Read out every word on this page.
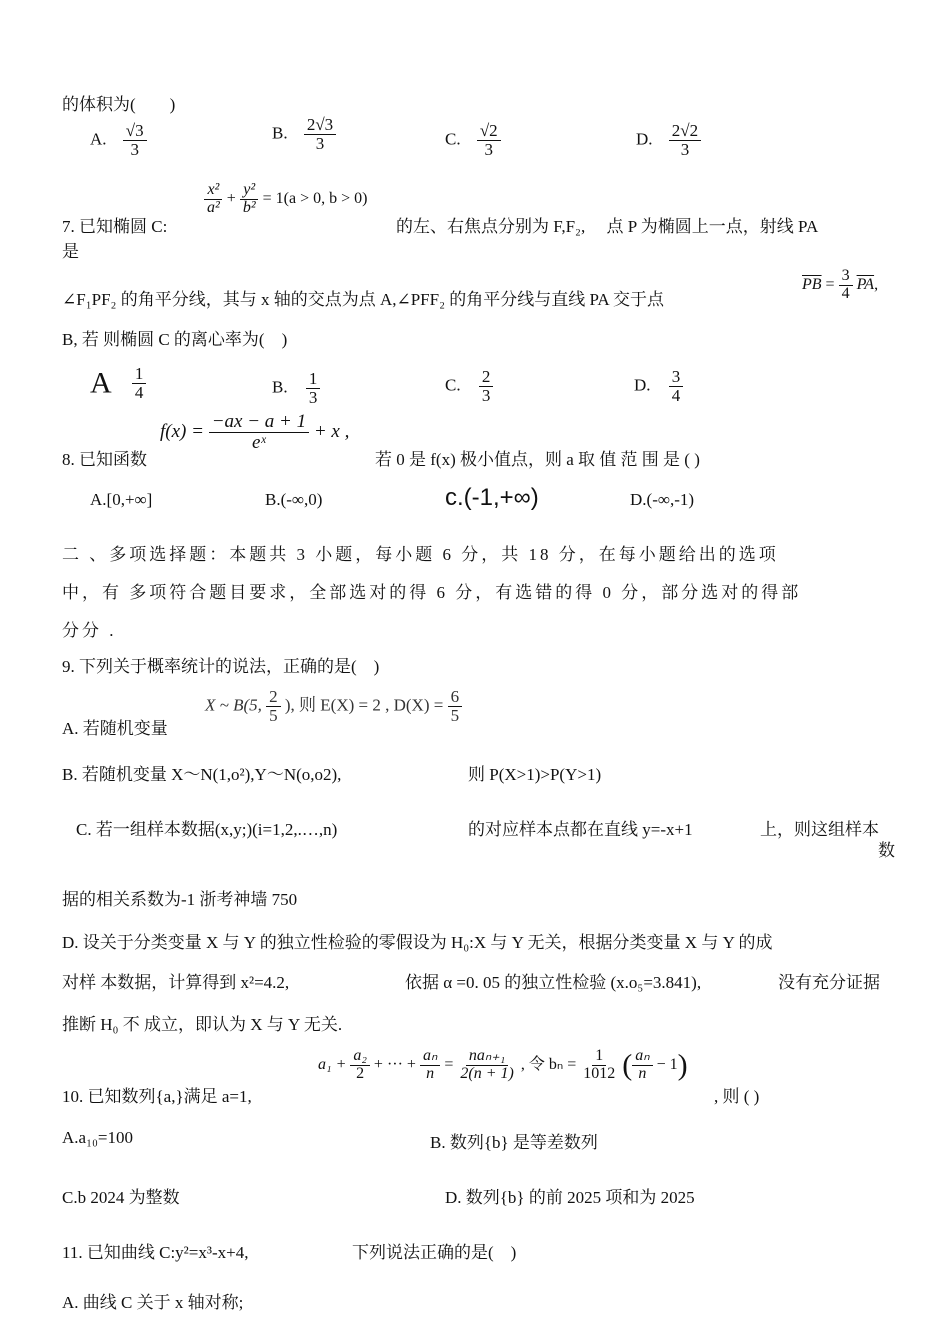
的体积为(　　)
A. $\frac{√3}{3}$	B. $\frac{2√3}{3}$	C. $\frac{√2}{3}$	D. $\frac{2√2}{3}$
7. 已知椭圆 C:
$\frac{\text{x²}}{\text{a²}} + \frac{\text{y²}}{\text{b²}} = 1(a > 0$, b > 0)
的左、右焦点分别为 F,F₂,　 点 P 为椭圆上一点，射线 PA
是
∠F₁PF₂ 的角平分线，其与 x 轴的交点为点 A,∠PFF₂ 的角平分线与直线 PA 交于点
$\overline{PB} = \frac{3}{4} \overline{PA}$,
B, 若 则椭圆 C 的离心率为(　)
A $\frac{1}{4}$	B. $\frac{1}{3}$	C. $\frac{2}{3}$	D. $\frac{3}{4}$
8. 已知函数
$f(x) = \frac{-ax - a + 1}{\text{eˣ}} + x$ ,
若 0 是 f(x) 极小值点，则 a 取 值 范 围 是 ( )
A.[0,+∞]	B.(-∞,0)	c.(-1,+∞)	D.(-∞,-1)
二 、多项选择题：本题共 3 小题，每小题 6 分，共 18 分，在每小题给出的选项
中，有 多项符合题目要求，全部选对的得 6 分，有选错的得 0 分，部分选对的得部
分分 .
9. 下列关于概率统计的说法，正确的是(　)
A. 若随机变量
X ~ B(5, $\frac{2}{5}$ ), 则 E(X) = 2 , $D(X) = \frac{6}{5}$
B. 若随机变量 X～N(1,o²),Y～N(o,o2),	则 P(X>1)>P(Y>1)
C. 若一组样本数据(x,y;)(i=1,2,.…,n)	的对应样本点都在直线 y=-x+1	上，则这组样本
数
据的相关系数为-1 浙考神墙 750
D. 设关于分类变量 X 与 Y 的独立性检验的零假设为 H₀:X 与 Y 无关，根据分类变量 X 与 Y 的成
对样 本数据，计算得到 x²=4.2,	依据 α =0. 05 的独立性检验 (x.o₅=3.841),	没有充分证据
推断 H₀ 不 成立，即认为 X 与 Y 无关.
10. 已知数列{a,}满足 a=1,
$a_1 + \frac{\text{a₂}}{2}$ + ··· + $\frac{\text{aₙ}}{n} = \frac{\text{naₙ₊₁}}{2(n + 1)}$ , 令 $b_n = \frac{1}{1012}$ ( $\frac{\text{aₙ}}{n} - 1$)
, 则 ( )
A.a₁₀=100	B. 数列{b} 是等差数列
C.b 2024 为整数	D. 数列{b} 的前 2025 项和为 2025
11. 已知曲线 C:y²=x³-x+4,	下列说法正确的是(　)
A. 曲线 C 关于 x 轴对称;
